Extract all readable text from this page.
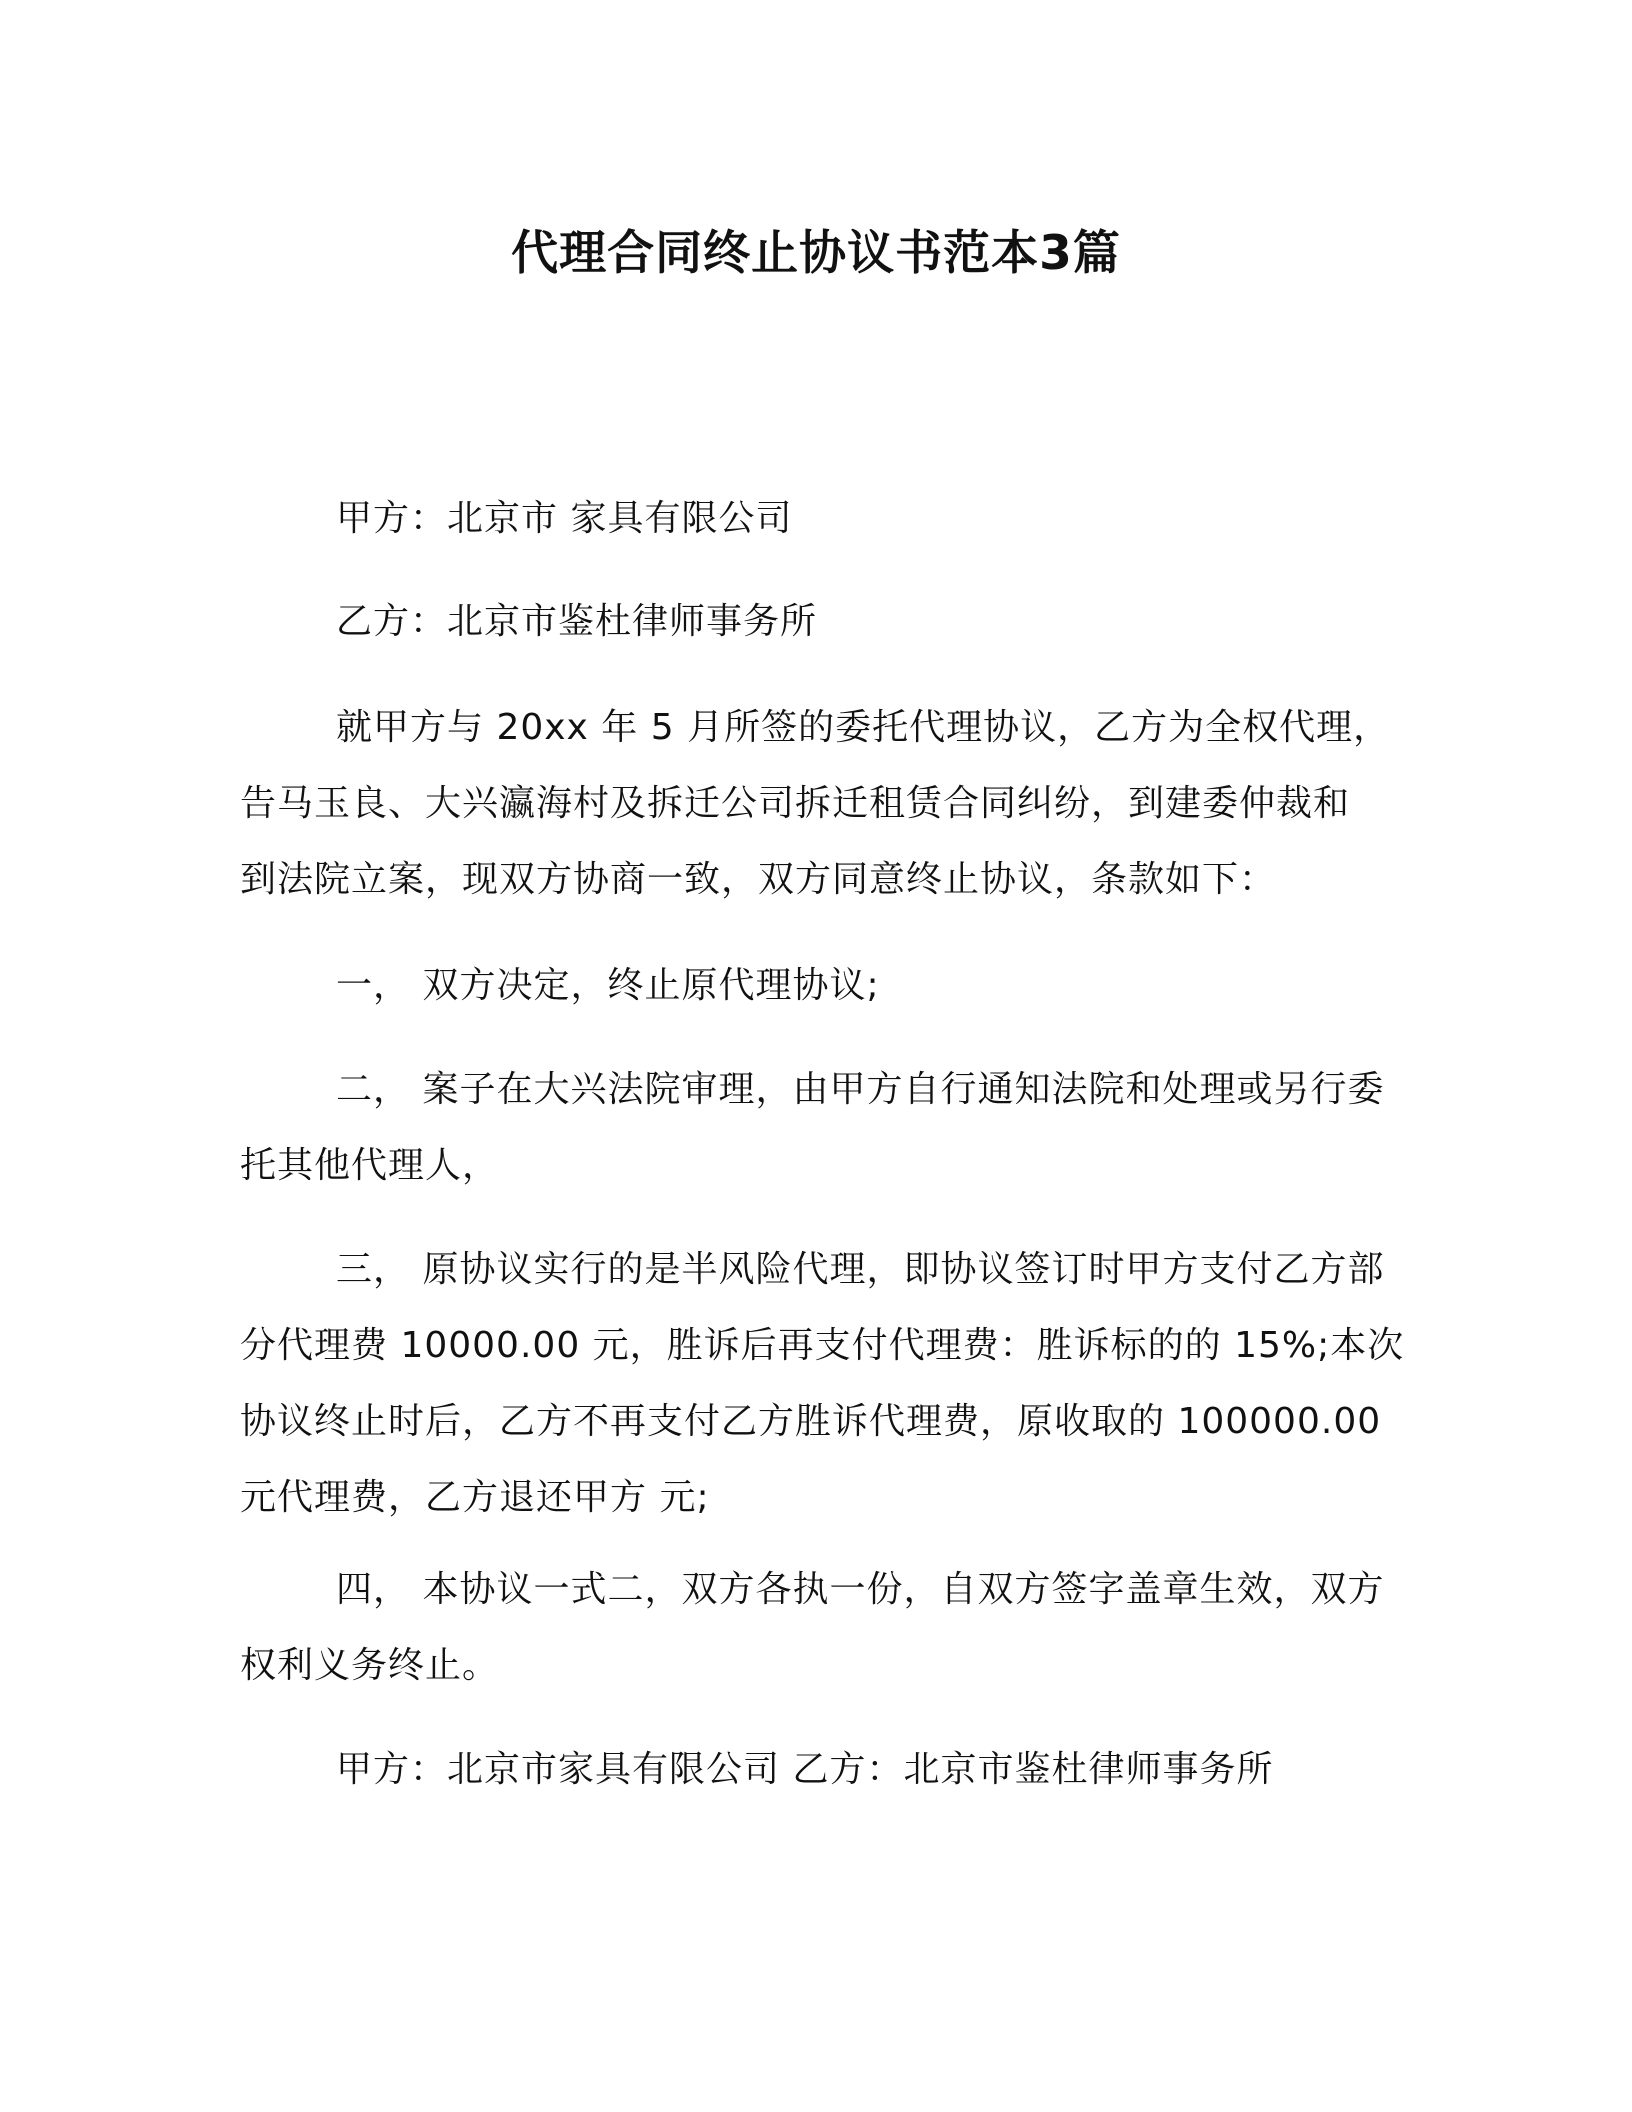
代理合同终止协议书范本3篇
甲方：北京市 家具有限公司
乙方：北京市鉴杜律师事务所
就甲方与 20xx 年 5 月所签的委托代理协议，乙方为全权代理，
告马玉良、大兴瀛海村及拆迁公司拆迁租赁合同纠纷，到建委仲裁和
到法院立案，现双方协商一致，双方同意终止协议，条款如下：
一， 双方决定，终止原代理协议;
二， 案子在大兴法院审理，由甲方自行通知法院和处理或另行委
托其他代理人，
三， 原协议实行的是半风险代理，即协议签订时甲方支付乙方部
分代理费 10000.00 元，胜诉后再支付代理费：胜诉标的的 15%;本次
协议终止时后，乙方不再支付乙方胜诉代理费，原收取的 100000.00
元代理费，乙方退还甲方 元;
四， 本协议一式二，双方各执一份，自双方签字盖章生效，双方
权利义务终止。
甲方：北京市家具有限公司 乙方：北京市鉴杜律师事务所
